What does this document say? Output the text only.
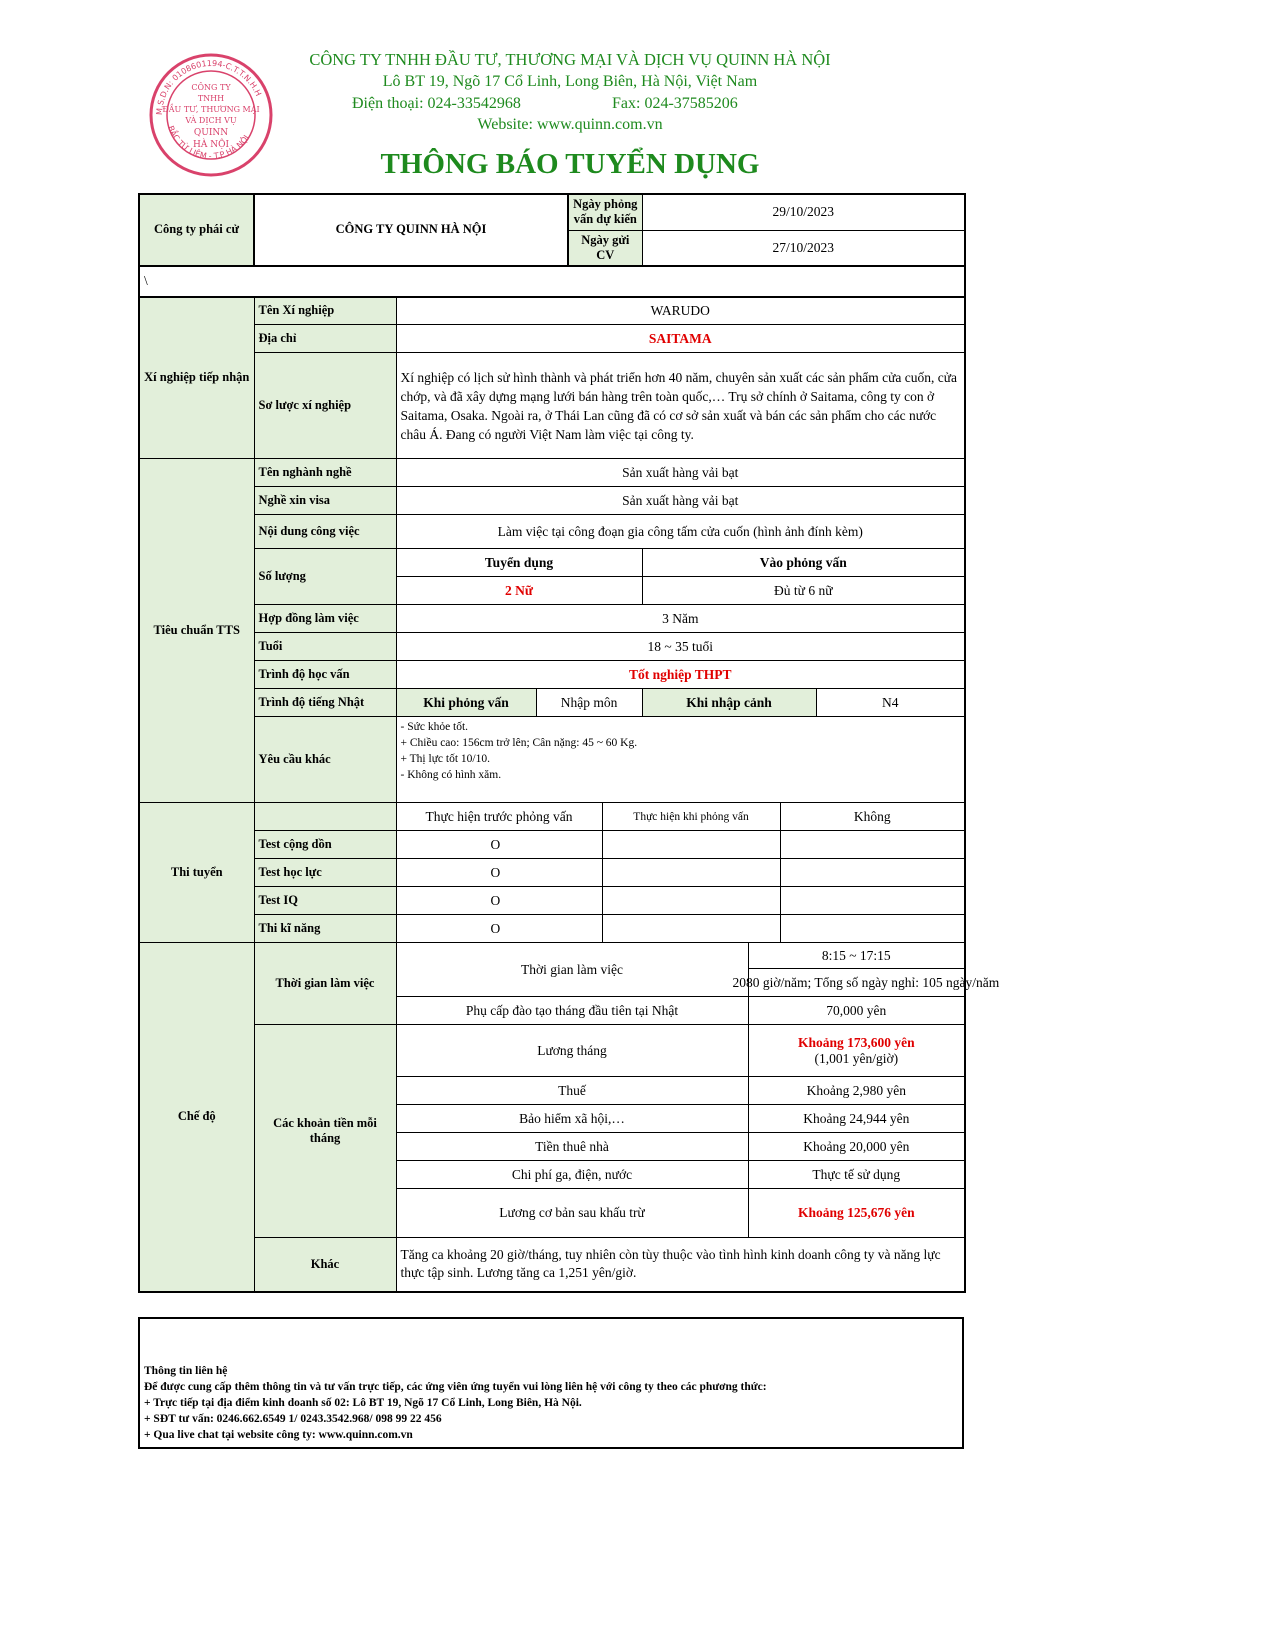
M.S.D.N: 0108601194-C.T.T.N.H.H
BẮC TỪ LIÊM - T.P HÀ NỘI
CÔNG TY
TNHH
ĐẦU TƯ, THƯƠNG MẠI
VÀ DỊCH VỤ
QUINN
HÀ NỘI
CÔNG TY TNHH ĐẦU TƯ, THƯƠNG MẠI VÀ DỊCH VỤ QUINN HÀ NỘI
Lô BT 19, Ngõ 17 Cổ Linh, Long Biên, Hà Nội, Việt Nam
Điện thoại: 024-33542968	Fax: 024-37585206
Website: www.quinn.com.vn
THÔNG BÁO TUYỂN DỤNG
Công ty phái cử	CÔNG TY QUINN HÀ NỘI			Ngày phỏng vấn dự kiến		29/10/2023			
				Ngày gửi CV		27/10/2023			
\									
Xí nghiệp tiếp nhận	Tên Xí nghiệp	WARUDO							
	Địa chỉ	SAITAMA							
	Sơ lược xí nghiệp	Xí nghiệp có lịch sử hình thành và phát triển hơn 40 năm, chuyên sản xuất các sản phẩm cửa cuốn, cửa chớp, và đã xây dựng mạng lưới bán hàng trên toàn quốc,… Trụ sở chính ở Saitama, công ty con ở Saitama, Osaka. Ngoài ra, ở Thái Lan cũng đã có cơ sở sản xuất và bán các sản phẩm cho các nước châu Á. Đang có người Việt Nam làm việc tại công ty.							
Tiêu chuẩn TTS	Tên nghành nghề	Sản xuất hàng vải bạt							
	Nghề xin visa	Sản xuất hàng vải bạt							
	Nội dung công việc	Làm việc tại công đoạn gia công tấm cửa cuốn (hình ảnh đính kèm)							
	Số lượng	Tuyển dụng				Vào phỏng vấn			
		2 Nữ				Đủ từ 6 nữ			
	Hợp đồng làm việc	3 Năm							
	Tuổi	18 ~ 35 tuổi							
	Trình độ học vấn	Tốt nghiệp THPT							
	Trình độ tiếng Nhật	Khi phỏng vấn	Nhập môn			Khi nhập cảnh			N4
	Yêu cầu khác	- Sức khỏe tốt.
+ Chiều cao: 156cm trở lên; Cân nặng: 45 ~ 60 Kg.
+ Thị lực tốt 10/10.
- Không có hình xăm.							

Thi tuyển		Thực hiện trước phỏng vấn			Thực hiện khi phỏng vấn			Không	
	Test cộng dồn	O							
	Test học lực	O							
	Test IQ	O							
	Thi kĩ năng	O							
Chế độ	Thời gian làm việc	Thời gian làm việc					8:15 ~ 17:15		

							2080 giờ/năm; Tổng số ngày nghỉ: 105 ngày/năm		

		Phụ cấp đào tạo tháng đầu tiên tại Nhật					70,000 yên		
	Các khoản tiền mỗi tháng	Lương tháng					Khoảng 173,600 yên
(1,001 yên/giờ)		

		Thuế					Khoảng 2,980 yên		
		Bảo hiểm xã hội,…					Khoảng 24,944 yên		
		Tiền thuê nhà					Khoảng 20,000 yên		
		Chi phí ga, điện, nước					Thực tế sử dụng		
		Lương cơ bản sau khấu trừ					Khoảng 125,676 yên		
	Khác	Tăng ca khoảng 20 giờ/tháng, tuy nhiên còn tùy thuộc vào tình hình kinh doanh công ty và năng lực thực tập sinh. Lương tăng ca 1,251 yên/giờ.							
Thông tin liên hệ
Để được cung cấp thêm thông tin và tư vấn trực tiếp, các ứng viên ứng tuyển vui lòng liên hệ với công ty theo các phương thức:
+ Trực tiếp tại địa điểm kinh doanh số 02: Lô BT 19, Ngõ 17 Cổ Linh, Long Biên, Hà Nội.
+ SĐT tư vấn: 0246.662.6549 1/ 0243.3542.968/ 098 99 22 456
+ Qua live chat tại website công ty: www.quinn.com.vn
